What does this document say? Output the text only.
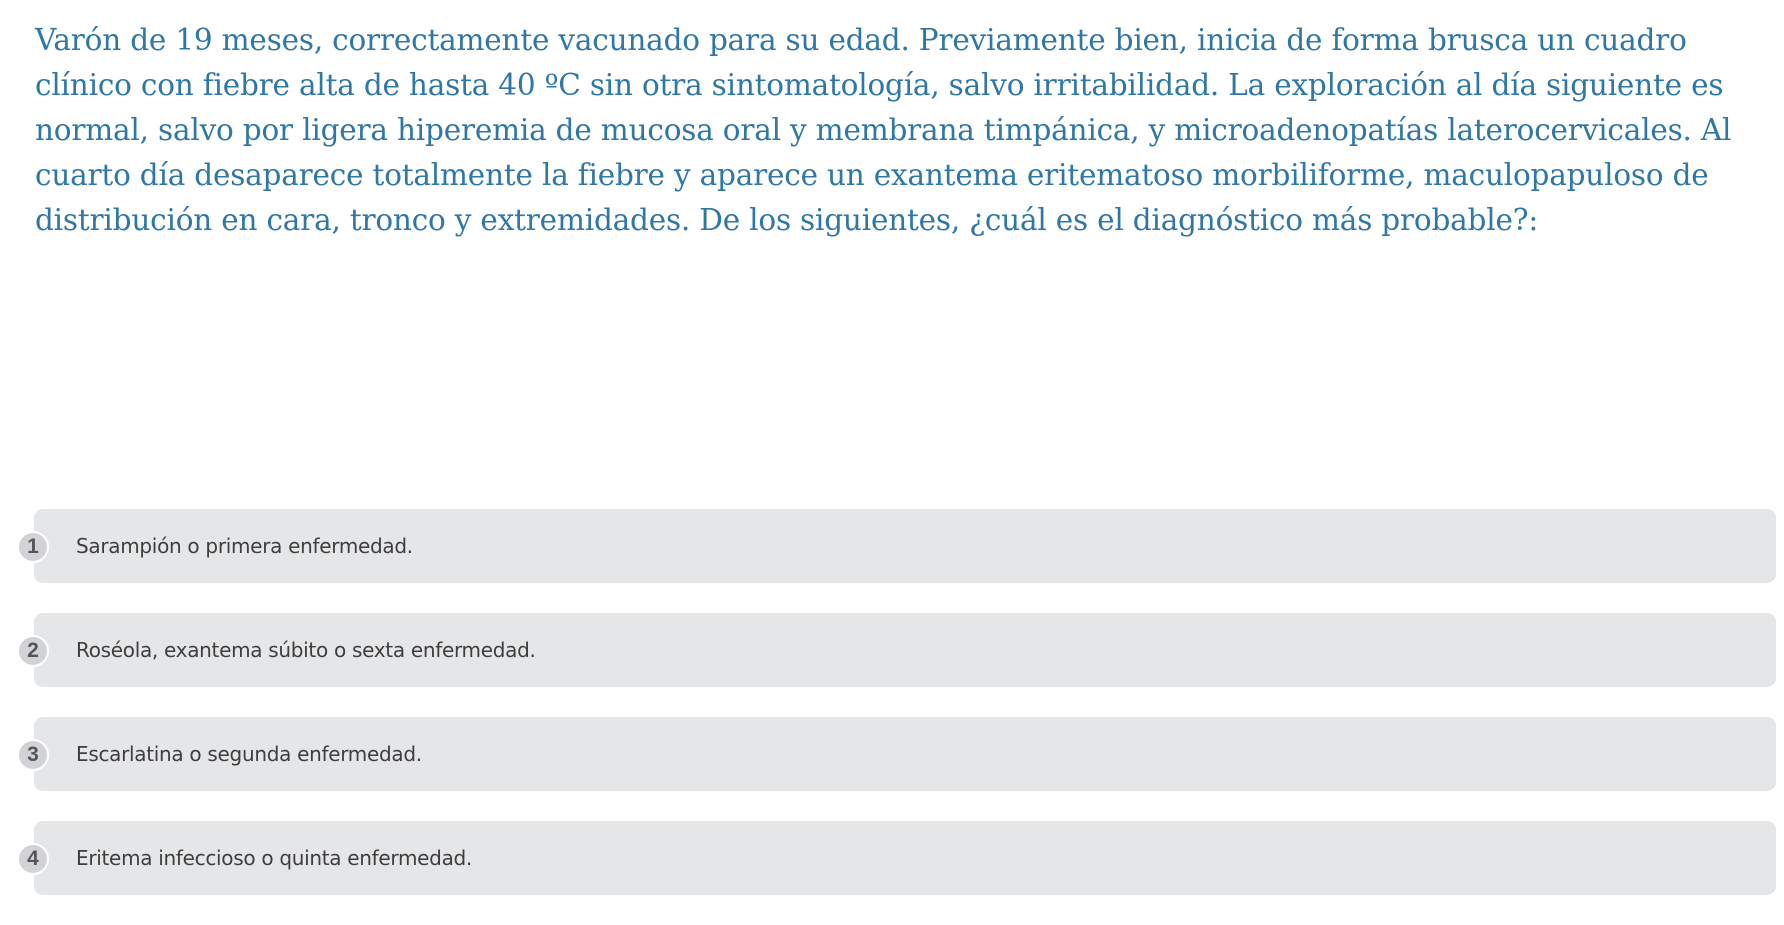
Varón de 19 meses, correctamente vacunado para su edad. Previamente bien, inicia de forma brusca un cuadro clínico con fiebre alta de hasta 40 ºC sin otra sintomatología, salvo irritabilidad. La exploración al día siguiente es normal, salvo por ligera hiperemia de mucosa oral y membrana timpánica, y microadenopatías laterocervicales. Al cuarto día desaparece totalmente la fiebre y aparece un exantema eritematoso morbiliforme, maculopapuloso de distribución en cara, tronco y extremidades. De los siguientes, ¿cuál es el diagnóstico más probable?:

1	Sarampión o primera enfermedad.
2	Roséola, exantema súbito o sexta enfermedad.
3	Escarlatina o segunda enfermedad.
4	Eritema infeccioso o quinta enfermedad.
